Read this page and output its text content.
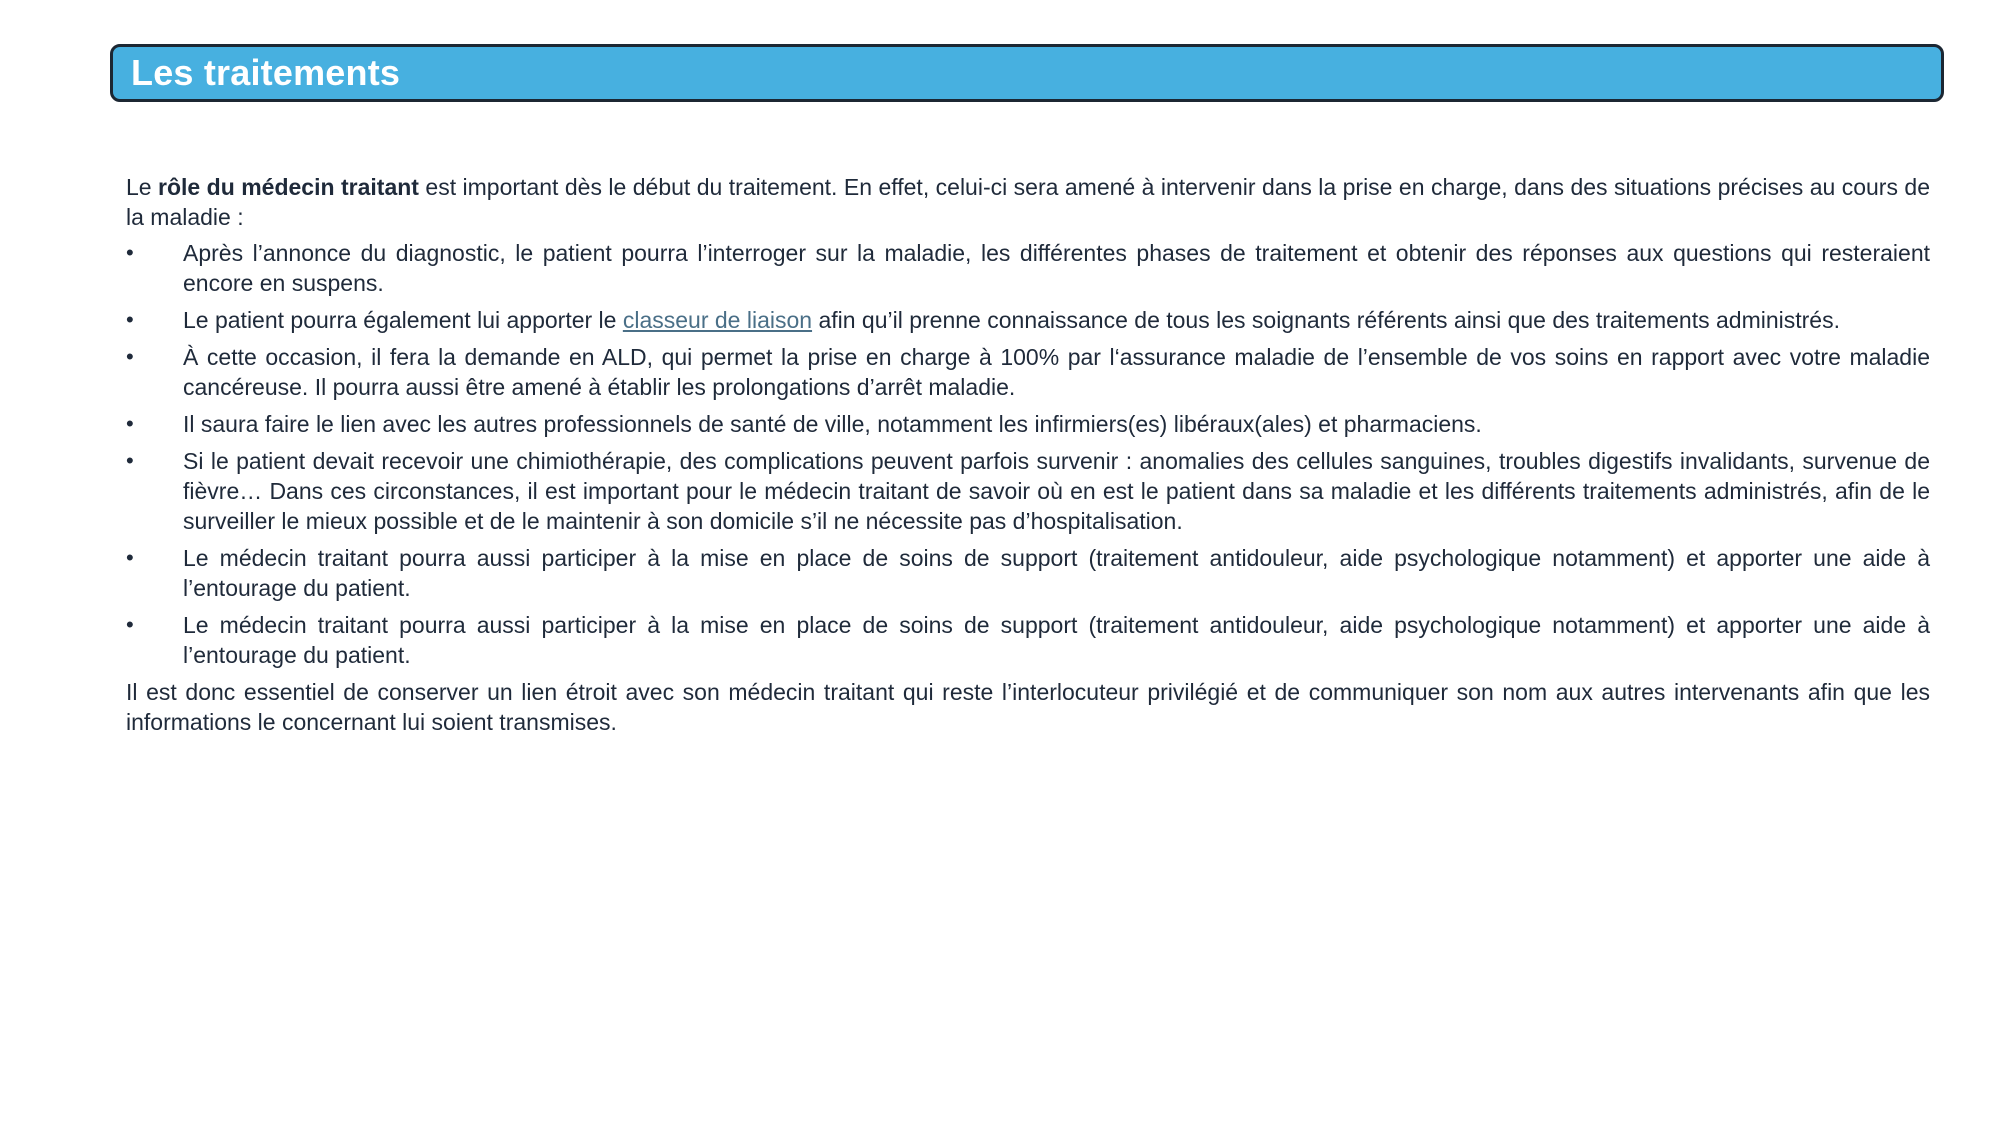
Les traitements

Le rôle du médecin traitant est important dès le début du traitement. En effet, celui-ci sera amené à intervenir dans la prise en charge, dans des situations précises au cours de la maladie :

• Après l’annonce du diagnostic, le patient pourra l’interroger sur la maladie, les différentes phases de traitement et obtenir des réponses aux questions qui resteraient encore en suspens.
• Le patient pourra également lui apporter le classeur de liaison afin qu’il prenne connaissance de tous les soignants référents ainsi que des traitements administrés.
• À cette occasion, il fera la demande en ALD, qui permet la prise en charge à 100% par l‘assurance maladie de l’ensemble de vos soins en rapport avec votre maladie cancéreuse. Il pourra aussi être amené à établir les prolongations d’arrêt maladie.
• Il saura faire le lien avec les autres professionnels de santé de ville, notamment les infirmiers(es) libéraux(ales) et pharmaciens.
• Si le patient devait recevoir une chimiothérapie, des complications peuvent parfois survenir : anomalies des cellules sanguines, troubles digestifs invalidants, survenue de fièvre… Dans ces circonstances, il est important pour le médecin traitant de savoir où en est le patient dans sa maladie et les différents traitements administrés, afin de le surveiller le mieux possible et de le maintenir à son domicile s’il ne nécessite pas d’hospitalisation.
• Le médecin traitant pourra aussi participer à la mise en place de soins de support (traitement antidouleur, aide psychologique notamment) et apporter une aide à l’entourage du patient.
• Le médecin traitant pourra aussi participer à la mise en place de soins de support (traitement antidouleur, aide psychologique notamment) et apporter une aide à l’entourage du patient.

Il est donc essentiel de conserver un lien étroit avec son médecin traitant qui reste l’interlocuteur privilégié et de communiquer son nom aux autres intervenants afin que les informations le concernant lui soient transmises.
